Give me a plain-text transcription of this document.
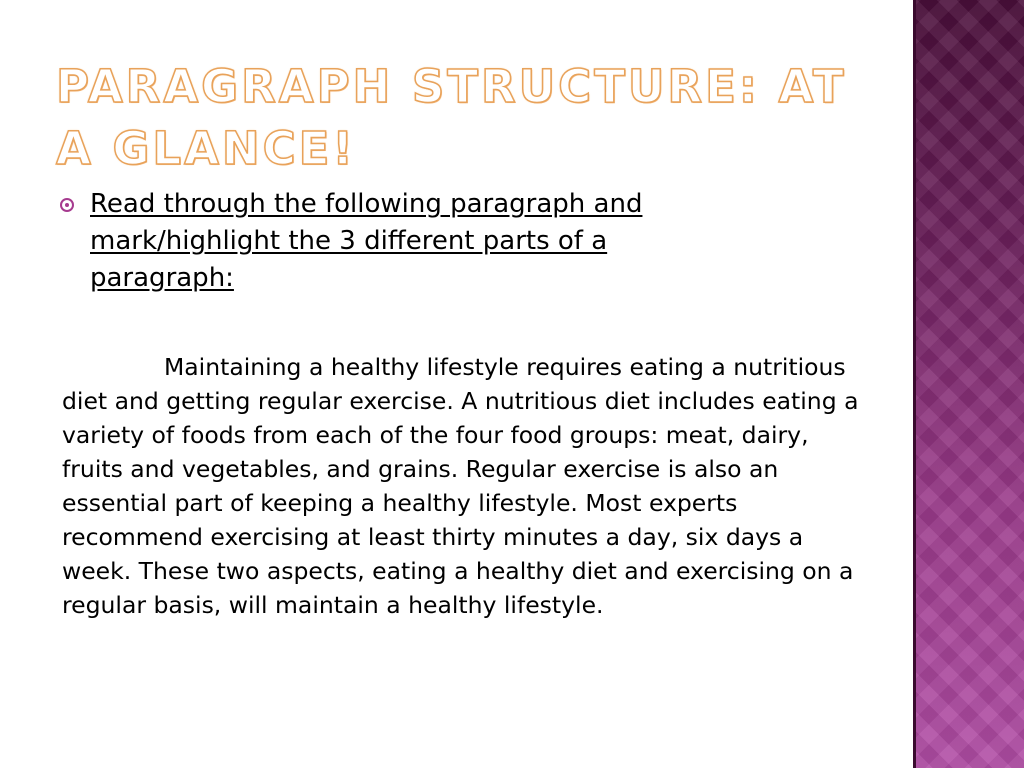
PARAGRAPH STRUCTURE: AT A GLANCE!
Read through the following paragraph and mark/highlight the 3 different parts of a paragraph:

Maintaining a healthy lifestyle requires eating a nutritious diet and getting regular exercise. A nutritious diet includes eating a variety of foods from each of the four food groups: meat, dairy, fruits and vegetables, and grains. Regular exercise is also an essential part of keeping a healthy lifestyle. Most experts recommend exercising at least thirty minutes a day, six days a week. These two aspects, eating a healthy diet and exercising on a regular basis, will maintain a healthy lifestyle.
